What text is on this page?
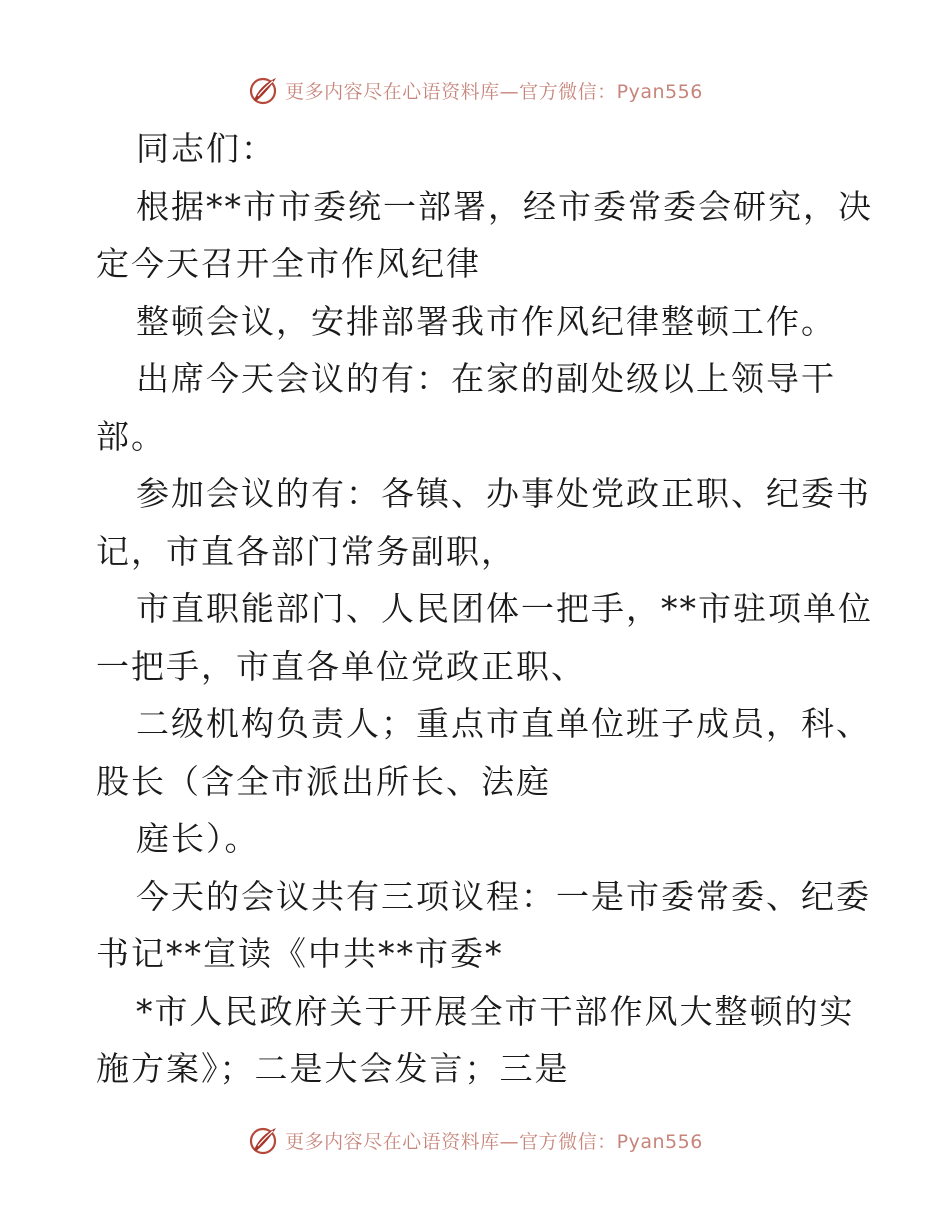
更多内容尽在心语资料库—官方微信：Pyan556

同志们：

根据**市市委统一部署，经市委常委会研究，决

定今天召开全市作风纪律

整顿会议，安排部署我市作风纪律整顿工作。

出席今天会议的有：在家的副处级以上领导干

部。

参加会议的有：各镇、办事处党政正职、纪委书

记，市直各部门常务副职，

市直职能部门、人民团体一把手，**市驻项单位

一把手，市直各单位党政正职、

二级机构负责人；重点市直单位班子成员，科、

股长（含全市派出所长、法庭

庭长）。

今天的会议共有三项议程：一是市委常委、纪委

书记**宣读《中共**市委*

*市人民政府关于开展全市干部作风大整顿的实

施方案》；二是大会发言；三是

更多内容尽在心语资料库—官方微信：Pyan556
